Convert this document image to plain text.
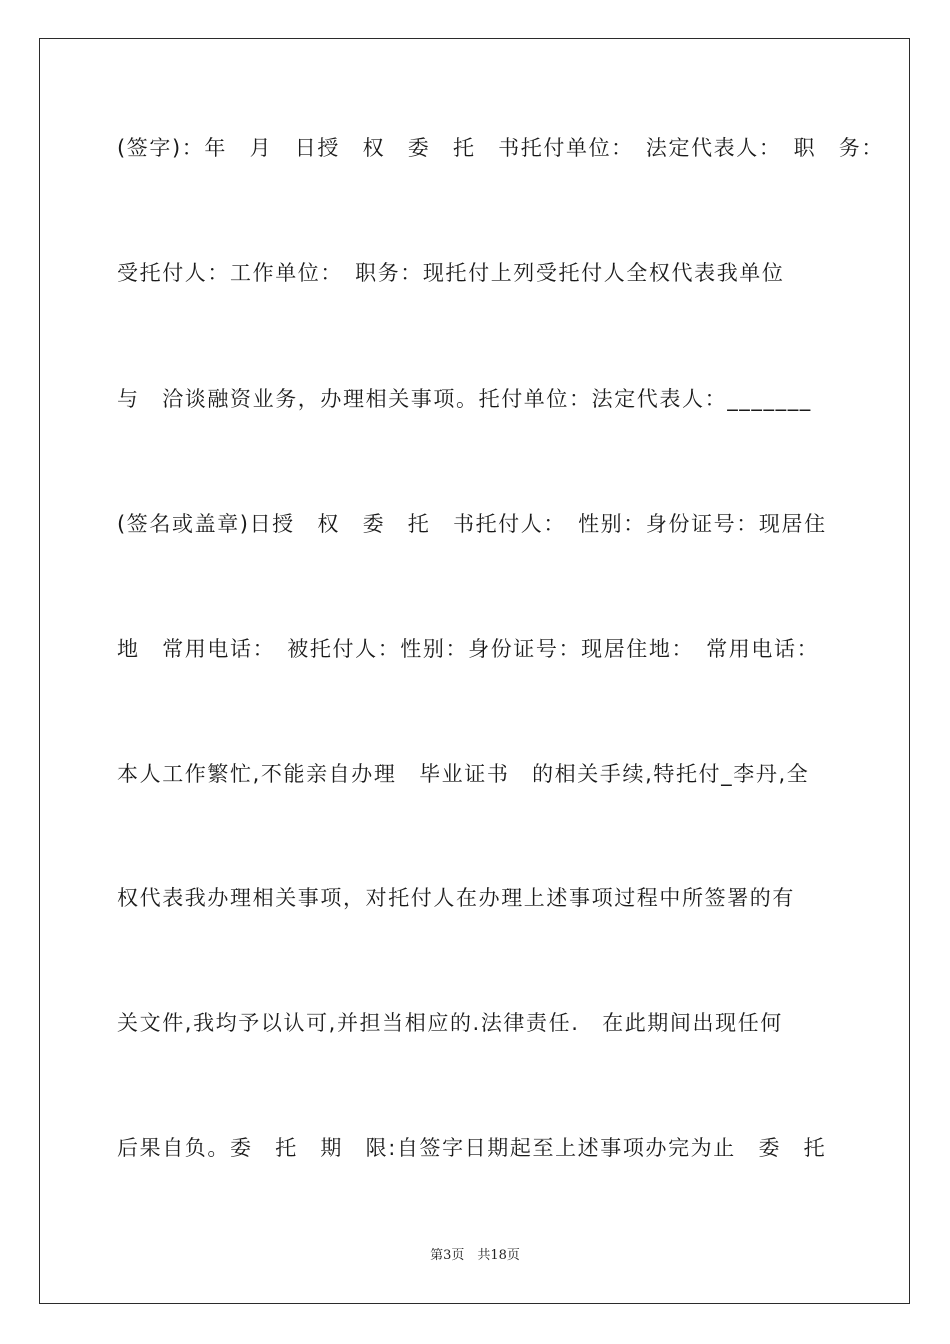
(签字)：年　月　日授　权　委　托　书托付单位：　法定代表人：　职　务：
受托付人：工作单位：　职务：现托付上列受托付人全权代表我单位
与　洽谈融资业务，办理相关事项。托付单位：法定代表人：_______
(签名或盖章)日授　权　委　托　书托付人：　性别：身份证号：现居住
地　常用电话：　被托付人：性别：身份证号：现居住地：　常用电话：
本人工作繁忙,不能亲自办理　毕业证书　的相关手续,特托付_李丹,全
权代表我办理相关事项，对托付人在办理上述事项过程中所签署的有
关文件,我均予以认可,并担当相应的.法律责任.　在此期间出现任何
后果自负。委　托　期　限:自签字日期起至上述事项办完为止　委　托
第3页　共18页
